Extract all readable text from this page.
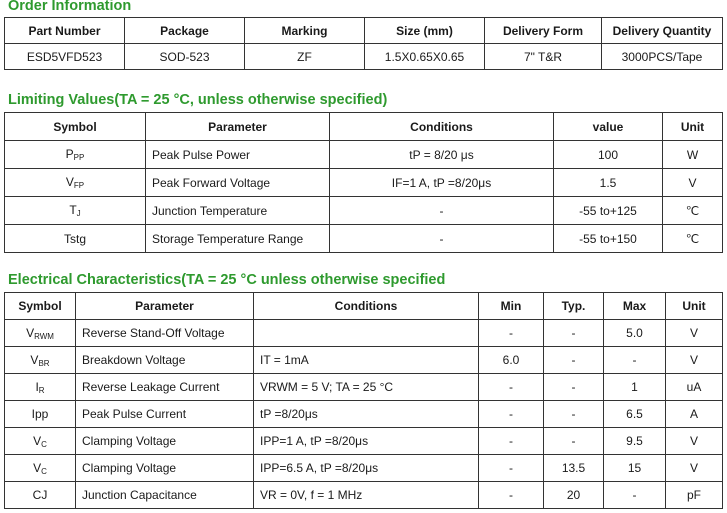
Order Information
Part Number	Package	Marking	Size (mm)	Delivery Form	Delivery Quantity
ESD5VFD523	SOD-523	ZF	1.5X0.65X0.65	7" T&R	3000PCS/Tape
Limiting Values(TA = 25 °C, unless otherwise specified)
Symbol	Parameter	Conditions	value	Unit
$P_{PP}$	Peak Pulse Power	tP = 8/20 μs	100	W
$V_{FP}$	Peak Forward Voltage	IF=1 A, tP =8/20μs	1.5	V
$T_J$	Junction Temperature	-	-55 to+125	℃
Tstg	Storage Temperature Range	-	-55 to+150	℃
Electrical Characteristics(TA = 25 °C unless otherwise specified
Symbol	Parameter	Conditions	Min	Typ.	Max	Unit
$V_{RWM}$	Reverse Stand-Off Voltage		-	-	5.0	V
$V_{BR}$	Breakdown Voltage	IT = 1mA	6.0	-	-	V
$I_R$	Reverse Leakage Current	VRWM = 5 V; TA = 25 °C	-	-	1	uA
Ipp	Peak Pulse Current	tP =8/20μs	-	-	6.5	A
$V_C$	Clamping Voltage	IPP=1 A, tP =8/20μs	-	-	9.5	V
$V_C$	Clamping Voltage	IPP=6.5 A, tP =8/20μs	-	13.5	15	V
CJ	Junction Capacitance	VR = 0V, f = 1 MHz	-	20	-	pF
